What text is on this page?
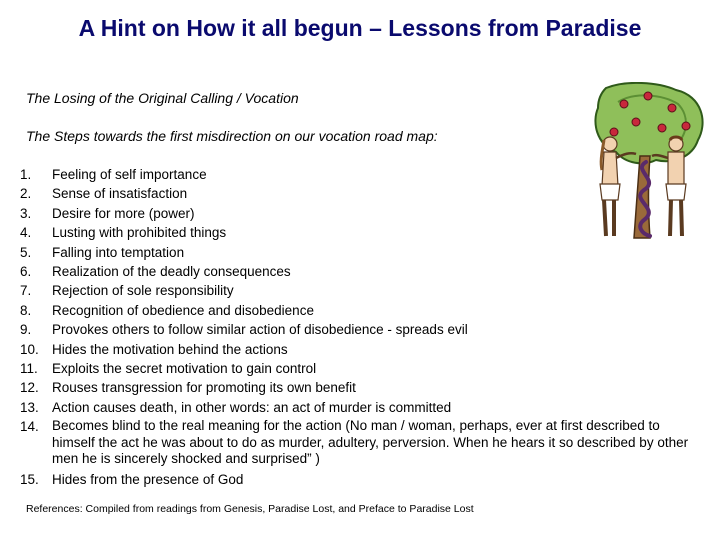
A Hint on How it all begun – Lessons from Paradise

The Losing of the Original Calling / Vocation

The Steps towards the first misdirection on our vocation road map:

1. Feeling of self importance
2. Sense of insatisfaction
3. Desire for more (power)
4. Lusting with prohibited things
5. Falling into temptation
6. Realization of the deadly consequences
7. Rejection of sole responsibility
8. Recognition of obedience and disobedience
9. Provokes others to follow similar action of disobedience - spreads evil
10. Hides the motivation behind the actions
11. Exploits the secret motivation to gain control
12. Rouses transgression for promoting its own benefit
13. Action causes death, in other words: an act of murder is committed
14. Becomes blind to the real meaning for the action (No man / woman, perhaps, ever at first described to himself the act he was about to do as murder, adultery, perversion. When he hears it so described by other men he is sincerely shocked and surprised” )
15. Hides from the presence of God

References: Compiled from readings from Genesis, Paradise Lost, and Preface to Paradise Lost
